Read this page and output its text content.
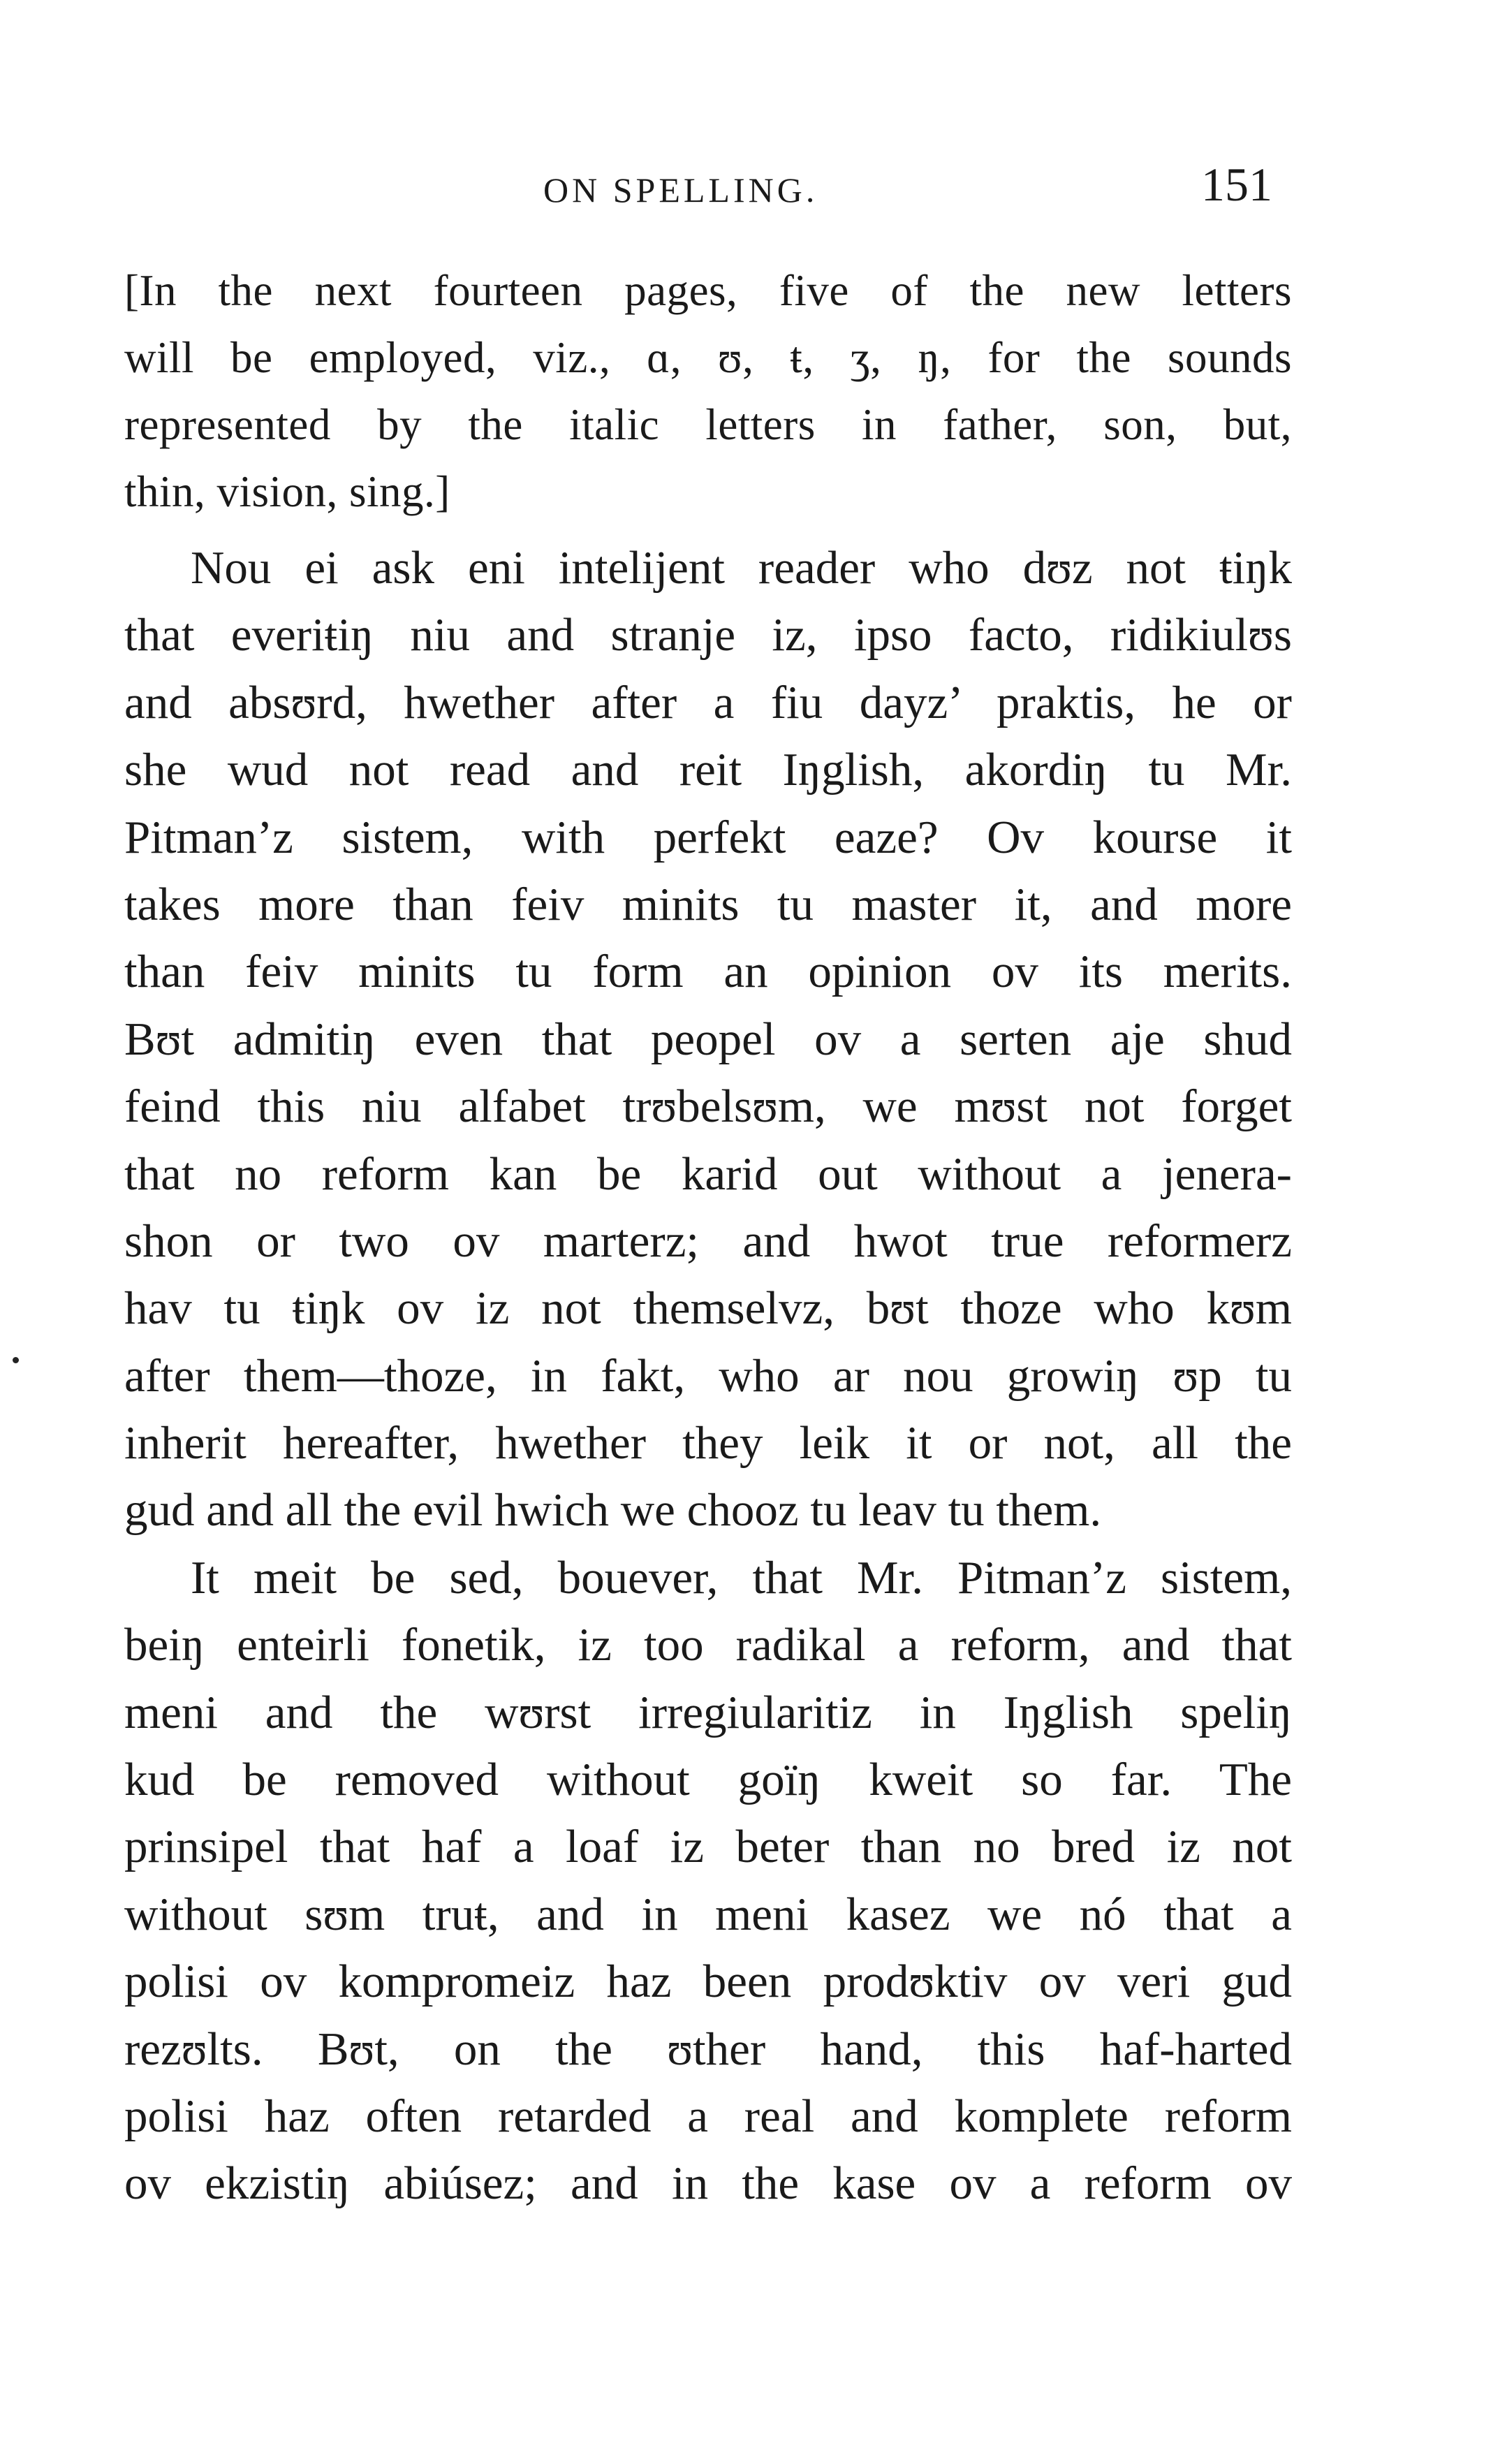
ON SPELLING.	151
[In the next fourteen pages, five of the new letters
will be employed, viz., ɑ, ʊ, ŧ, ʒ, ŋ, for the sounds
represented by the italic letters in father, son, but,
thin, vision, sing.]
Nou ei ask eni intelijent reader who dʊz not ŧiŋk
that everiŧiŋ niu and stranje iz, ipso facto, ridikiulʊs
and absʊrd, hwether after a fiu dayz’ praktis, he or
she wud not read and reit Iŋglish, akordiŋ tu Mr.
Pitman’z sistem, with perfekt eaze? Ov kourse it
takes more than feiv minits tu master it, and more
than feiv minits tu form an opinion ov its merits.
Bʊt admitiŋ even that peopel ov a serten aje shud
feind this niu alfabet trʊbelsʊm, we mʊst not forget
that no reform kan be karid out without a jenera-
shon or two ov marterz; and hwot true reformerz
hav tu ŧiŋk ov iz not themselvz, bʊt thoze who kʊm
after them—thoze, in fakt, who ar nou growiŋ ʊp tu
inherit hereafter, hwether they leik it or not, all the
gud and all the evil hwich we chooz tu leav tu them.
It meit be sed, bouever, that Mr. Pitman’z sistem,
beiŋ enteirli fonetik, iz too radikal a reform, and that
meni and the wʊrst irregiularitiz in Iŋglish speliŋ
kud be removed without goïŋ kweit so far. The
prinsipel that haf a loaf iz beter than no bred iz not
without sʊm truŧ, and in meni kasez we nó that a
polisi ov kompromeiz haz been prodʊktiv ov veri gud
rezʊlts. Bʊt, on the ʊther hand, this haf-harted
polisi haz often retarded a real and komplete reform
ov ekzistiŋ abiúsez; and in the kase ov a reform ov
